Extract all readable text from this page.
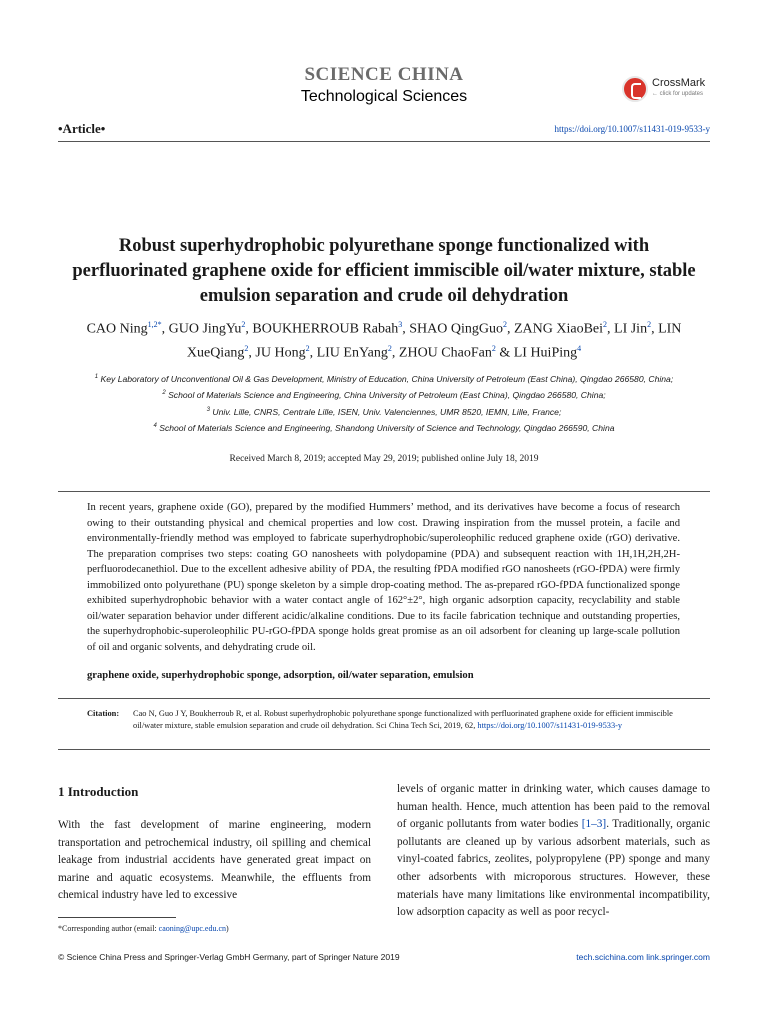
SCIENCE CHINA
Technological Sciences
CrossMark
← click for updates
•Article•	https://doi.org/10.1007/s11431-019-9533-y
Robust superhydrophobic polyurethane sponge functionalized with perfluorinated graphene oxide for efficient immiscible oil/water mixture, stable emulsion separation and crude oil dehydration
CAO Ning$^{1,2*}$, GUO JingYu$^2$, BOUKHERROUB Rabah$^3$, SHAO QingGuo$^2$, ZANG XiaoBei$^2$, LI Jin$^2$, LIN XueQiang$^2$, JU Hong$^2$, LIU EnYang$^2$, ZHOU ChaoFan$^2$ & LI HuiPing$^4$
$^1$ Key Laboratory of Unconventional Oil & Gas Development, Ministry of Education, China University of Petroleum (East China), Qingdao 266580, China;
$^2$ School of Materials Science and Engineering, China University of Petroleum (East China), Qingdao 266580, China;
$^3$ Univ. Lille, CNRS, Centrale Lille, ISEN, Univ. Valenciennes, UMR 8520, IEMN, Lille, France;
$^4$ School of Materials Science and Engineering, Shandong University of Science and Technology, Qingdao 266590, China
Received March 8, 2019; accepted May 29, 2019; published online July 18, 2019
In recent years, graphene oxide (GO), prepared by the modified Hummers’ method, and its derivatives have become a focus of research owing to their outstanding physical and chemical properties and low cost. Drawing inspiration from the mussel protein, a facile and environmentally-friendly method was employed to fabricate superhydrophobic/superoleophilic reduced graphene oxide (rGO) derivative. The preparation comprises two steps: coating GO nanosheets with polydopamine (PDA) and subsequent reaction with 1H,1H,2H,2H-perfluorodecanethiol. Due to the excellent adhesive ability of PDA, the resulting fPDA modified rGO nanosheets (rGO-fPDA) were firmly immobilized onto polyurethane (PU) sponge skeleton by a simple drop-coating method. The as-prepared rGO-fPDA functionalized sponge exhibited superhydrophobic behavior with a water contact angle of 162°±2°, high organic adsorption capacity, recyclability and stable oil/water separation behavior under different acidic/alkaline conditions. Due to its facile fabrication technique and outstanding properties, the superhydrophobic-superoleophilic PU-rGO-fPDA sponge holds great promise as an oil adsorbent for cleaning up large-scale pollution of oil and organic solvents, and dehydrating crude oil.
graphene oxide, superhydrophobic sponge, adsorption, oil/water separation, emulsion
Citation: Cao N, Guo J Y, Boukherroub R, et al. Robust superhydrophobic polyurethane sponge functionalized with perfluorinated graphene oxide for efficient immiscible oil/water mixture, stable emulsion separation and crude oil dehydration. Sci China Tech Sci, 2019, 62, https://doi.org/10.1007/s11431-019-9533-y
1 Introduction
With the fast development of marine engineering, modern transportation and petrochemical industry, oil spilling and chemical leakage from industrial accidents have generated great impact on marine and aquatic ecosystems. Meanwhile, the effluents from chemical industry have led to excessive
levels of organic matter in drinking water, which causes damage to human health. Hence, much attention has been paid to the removal of organic pollutants from water bodies [1–3]. Traditionally, organic pollutants are cleaned up by various adsorbent materials, such as vinyl-coated fabrics, zeolites, polypropylene (PP) sponge and many other adsorbents with microporous structures. However, these materials have many limitations like environmental incompatibility, low adsorption capacity as well as poor recycl-
*Corresponding author (email: caoning@upc.edu.cn)
© Science China Press and Springer-Verlag GmbH Germany, part of Springer Nature 2019	tech.scichina.com link.springer.com
